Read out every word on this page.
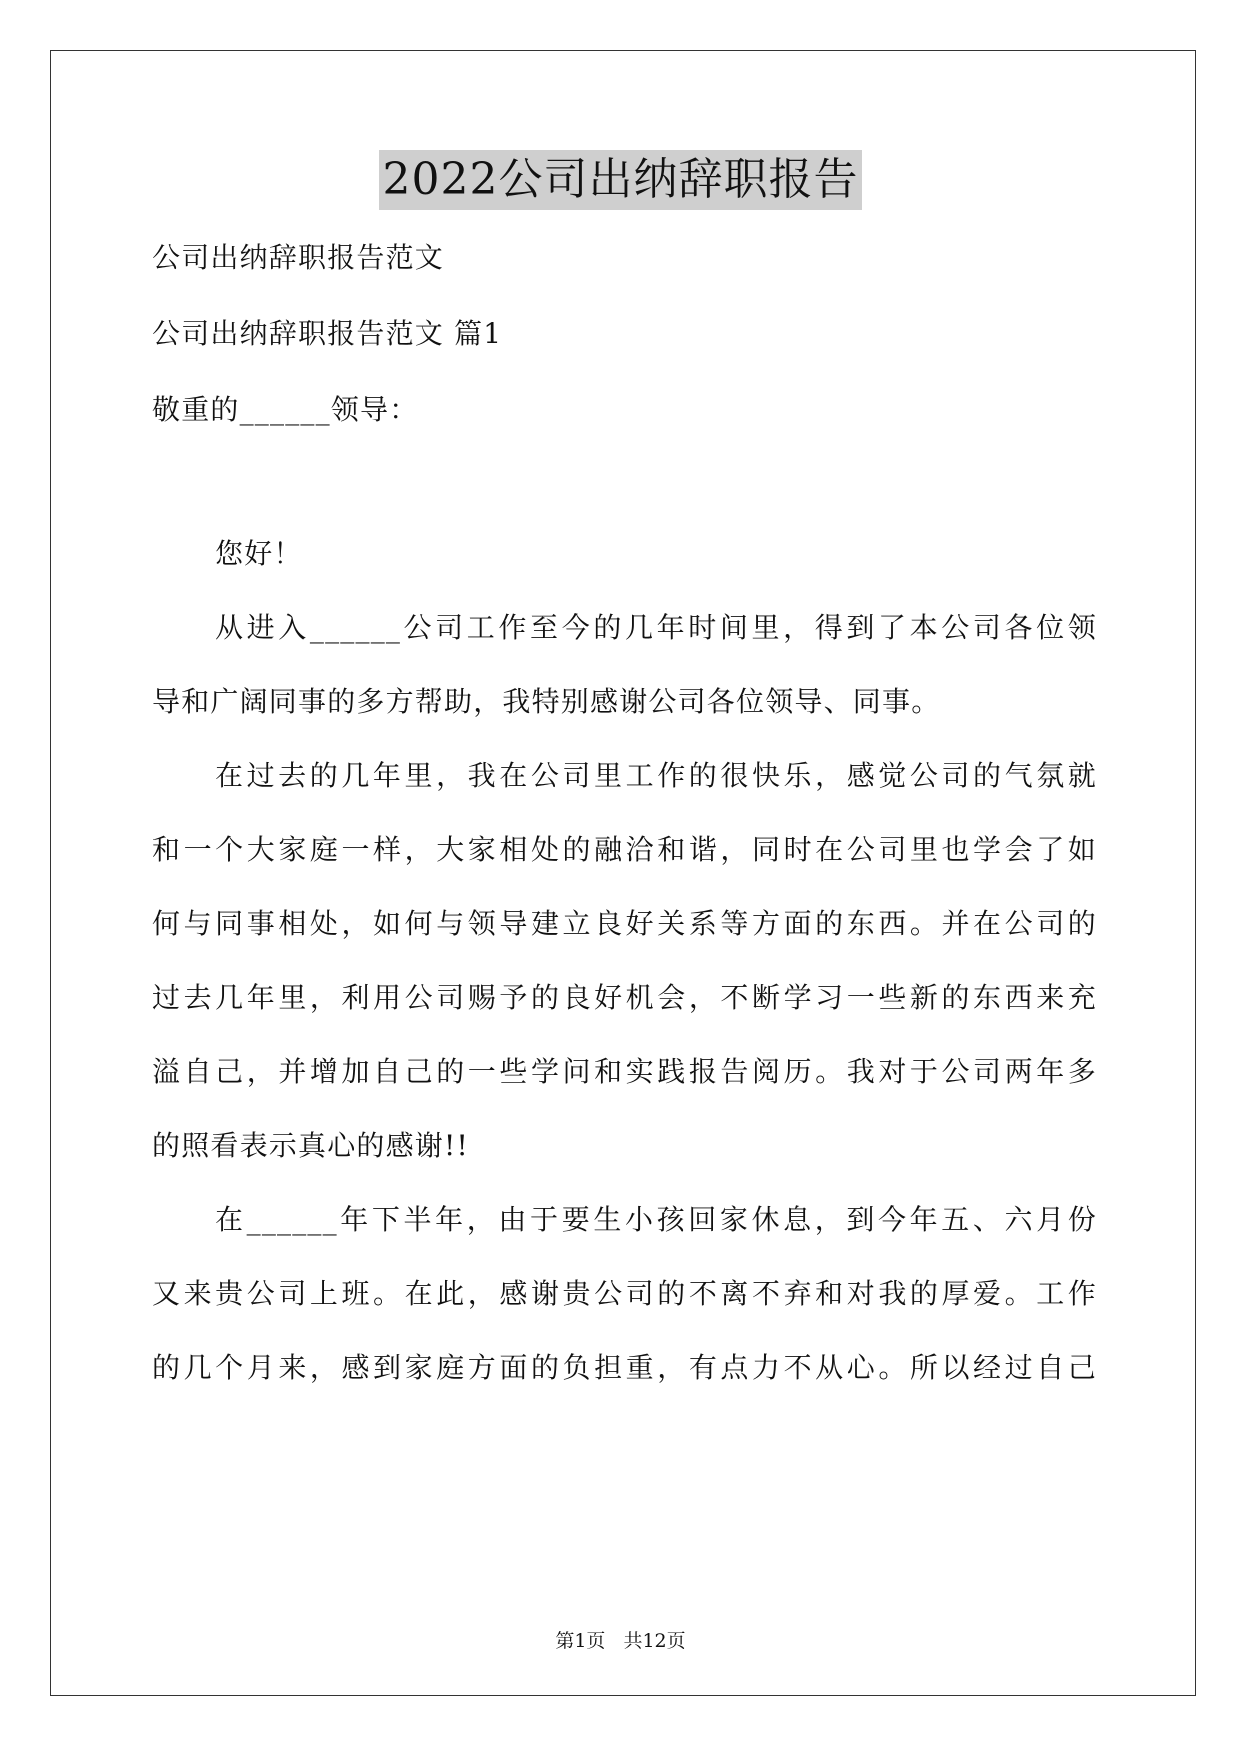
2022公司出纳辞职报告
公司出纳辞职报告范文
公司出纳辞职报告范文 篇1
敬重的______领导：
您好！
从进入______公司工作至今的几年时间里，得到了本公司各位领
导和广阔同事的多方帮助，我特别感谢公司各位领导、同事。
在过去的几年里，我在公司里工作的很快乐，感觉公司的气氛就
和一个大家庭一样，大家相处的融洽和谐，同时在公司里也学会了如
何与同事相处，如何与领导建立良好关系等方面的东西。并在公司的
过去几年里，利用公司赐予的良好机会，不断学习一些新的东西来充
溢自己，并增加自己的一些学问和实践报告阅历。我对于公司两年多
的照看表示真心的感谢!!
在______年下半年，由于要生小孩回家休息，到今年五、六月份
又来贵公司上班。在此，感谢贵公司的不离不弃和对我的厚爱。工作
的几个月来，感到家庭方面的负担重，有点力不从心。所以经过自己
第1页 共12页
